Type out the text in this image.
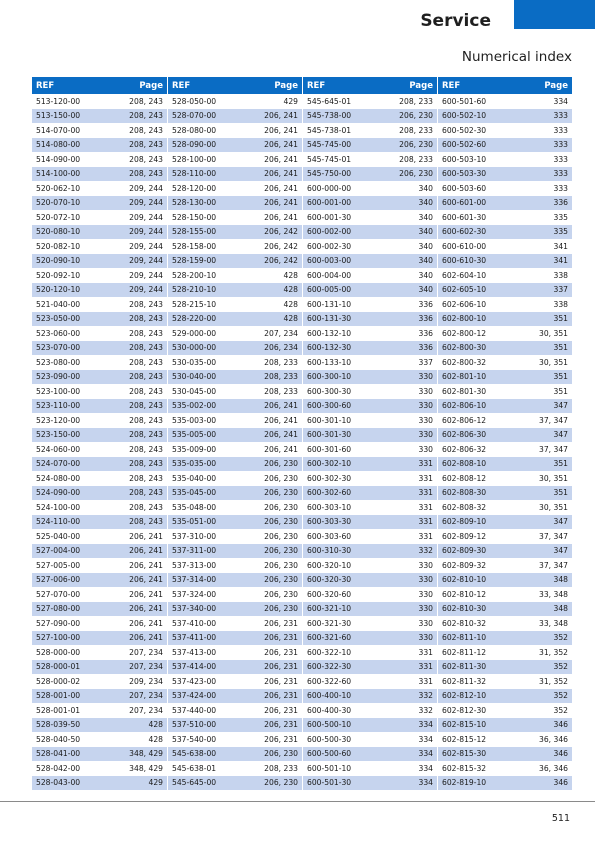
Service
Numerical index
REF	Page
513-120-00	208, 243
513-150-00	208, 243
514-070-00	208, 243
514-080-00	208, 243
514-090-00	208, 243
514-100-00	208, 243
520-062-10	209, 244
520-070-10	209, 244
520-072-10	209, 244
520-080-10	209, 244
520-082-10	209, 244
520-090-10	209, 244
520-092-10	209, 244
520-120-10	209, 244
521-040-00	208, 243
523-050-00	208, 243
523-060-00	208, 243
523-070-00	208, 243
523-080-00	208, 243
523-090-00	208, 243
523-100-00	208, 243
523-110-00	208, 243
523-120-00	208, 243
523-150-00	208, 243
524-060-00	208, 243
524-070-00	208, 243
524-080-00	208, 243
524-090-00	208, 243
524-100-00	208, 243
524-110-00	208, 243
525-040-00	206, 241
527-004-00	206, 241
527-005-00	206, 241
527-006-00	206, 241
527-070-00	206, 241
527-080-00	206, 241
527-090-00	206, 241
527-100-00	206, 241
528-000-00	207, 234
528-000-01	207, 234
528-000-02	209, 234
528-001-00	207, 234
528-001-01	207, 234
528-039-50	428
528-040-50	428
528-041-00	348, 429
528-042-00	348, 429
528-043-00	429
REF	Page
528-050-00	429
528-070-00	206, 241
528-080-00	206, 241
528-090-00	206, 241
528-100-00	206, 241
528-110-00	206, 241
528-120-00	206, 241
528-130-00	206, 241
528-150-00	206, 241
528-155-00	206, 242
528-158-00	206, 242
528-159-00	206, 242
528-200-10	428
528-210-10	428
528-215-10	428
528-220-00	428
529-000-00	207, 234
530-000-00	206, 234
530-035-00	208, 233
530-040-00	208, 233
530-045-00	208, 233
535-002-00	206, 241
535-003-00	206, 241
535-005-00	206, 241
535-009-00	206, 241
535-035-00	206, 230
535-040-00	206, 230
535-045-00	206, 230
535-048-00	206, 230
535-051-00	206, 230
537-310-00	206, 230
537-311-00	206, 230
537-313-00	206, 230
537-314-00	206, 230
537-324-00	206, 230
537-340-00	206, 230
537-410-00	206, 231
537-411-00	206, 231
537-413-00	206, 231
537-414-00	206, 231
537-423-00	206, 231
537-424-00	206, 231
537-440-00	206, 231
537-510-00	206, 231
537-540-00	206, 231
545-638-00	206, 230
545-638-01	208, 233
545-645-00	206, 230
REF	Page
545-645-01	208, 233
545-738-00	206, 230
545-738-01	208, 233
545-745-00	206, 230
545-745-01	208, 233
545-750-00	206, 230
600-000-00	340
600-001-00	340
600-001-30	340
600-002-00	340
600-002-30	340
600-003-00	340
600-004-00	340
600-005-00	340
600-131-10	336
600-131-30	336
600-132-10	336
600-132-30	336
600-133-10	337
600-300-10	330
600-300-30	330
600-300-60	330
600-301-10	330
600-301-30	330
600-301-60	330
600-302-10	331
600-302-30	331
600-302-60	331
600-303-10	331
600-303-30	331
600-303-60	331
600-310-30	332
600-320-10	330
600-320-30	330
600-320-60	330
600-321-10	330
600-321-30	330
600-321-60	330
600-322-10	331
600-322-30	331
600-322-60	331
600-400-10	332
600-400-30	332
600-500-10	334
600-500-30	334
600-500-60	334
600-501-10	334
600-501-30	334
REF	Page
600-501-60	334
600-502-10	333
600-502-30	333
600-502-60	333
600-503-10	333
600-503-30	333
600-503-60	333
600-601-00	336
600-601-30	335
600-602-30	335
600-610-00	341
600-610-30	341
602-604-10	338
602-605-10	337
602-606-10	338
602-800-10	351
602-800-12	30, 351
602-800-30	351
602-800-32	30, 351
602-801-10	351
602-801-30	351
602-806-10	347
602-806-12	37, 347
602-806-30	347
602-806-32	37, 347
602-808-10	351
602-808-12	30, 351
602-808-30	351
602-808-32	30, 351
602-809-10	347
602-809-12	37, 347
602-809-30	347
602-809-32	37, 347
602-810-10	348
602-810-12	33, 348
602-810-30	348
602-810-32	33, 348
602-811-10	352
602-811-12	31, 352
602-811-30	352
602-811-32	31, 352
602-812-10	352
602-812-30	352
602-815-10	346
602-815-12	36, 346
602-815-30	346
602-815-32	36, 346
602-819-10	346
511
